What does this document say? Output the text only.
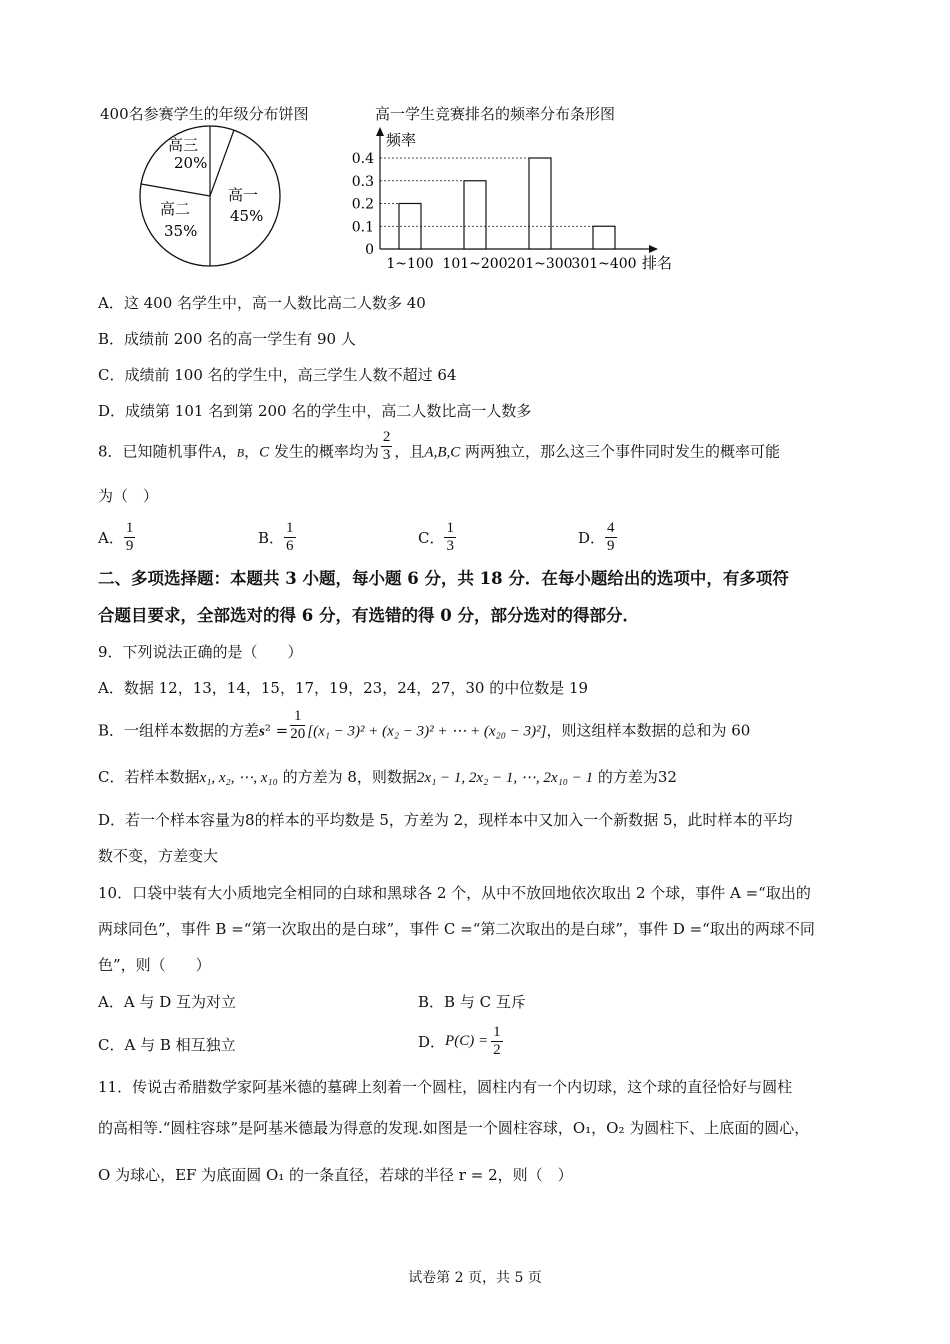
400名参赛学生的年级分布饼图
高三
20%
高一
45%
高二
35%
高一学生竞赛排名的频率分布条形图
频率
排名
0
0.1
0.2
0.3
0.4
1~100 101~200 201~300
301~400
A．这 400 名学生中，高一人数比高二人数多 40
B．成绩前 200 名的高一学生有 90 人
C．成绩前 100 名的学生中，高三学生人数不超过 64
D．成绩第 101 名到第 200 名的学生中，高二人数比高一人数多
8．已知随机事件A，B，C 发生的概率均为 $\frac{2}{3}$ ，且A,B,C 两两独立，那么这三个事件同时发生的概率可能
为（　）
A． $\frac{1}{9}$	B． $\frac{1}{6}$	C． $\frac{1}{3}$	D． $\frac{4}{9}$
二、多项选择题：本题共 3 小题，每小题 6 分，共 18 分．在每小题给出的选项中，有多项符
合题目要求，全部选对的得 6 分，有选错的得 0 分，部分选对的得部分．
9．下列说法正确的是（　　）
A．数据 12，13，14，15，17，19，23，24，27，30 的中位数是 19
B．一组样本数据的方差$s^2 = \frac{1}{20} [(x_1 - 3)^2 + (x_2 - 3)^2$ + ⋯ + (x₂₀ − 3)²]，则这组样本数据的总和为 60
C．若样本数据x₁, x₂, ⋯, x₁₀ 的方差为 8，则数据2x₁ − 1, 2x₂ − 1, ⋯, 2x₁₀ − 1 的方差为32
D．若一个样本容量为8的样本的平均数是 5，方差为 2，现样本中又加入一个新数据 5，此时样本的平均
数不变，方差变大
10．口袋中装有大小质地完全相同的白球和黑球各 2 个，从中不放回地依次取出 2 个球，事件 A =“取出的
两球同色”，事件 B =“第一次取出的是白球”，事件 C =“第二次取出的是白球”，事件 D =“取出的两球不同
色”，则（　　）
A．A 与 D 互为对立	B．B 与 C 互斥
C．A 与 B 相互独立	D．$P(C) = \frac{1}{2}$
11．传说古希腊数学家阿基米德的墓碑上刻着一个圆柱，圆柱内有一个内切球，这个球的直径恰好与圆柱
的高相等.“圆柱容球”是阿基米德最为得意的发现.如图是一个圆柱容球，O₁，O₂ 为圆柱下、上底面的圆心，
O 为球心，EF 为底面圆 O₁ 的一条直径，若球的半径 r = 2，则（　）
试卷第 2 页，共 5 页
